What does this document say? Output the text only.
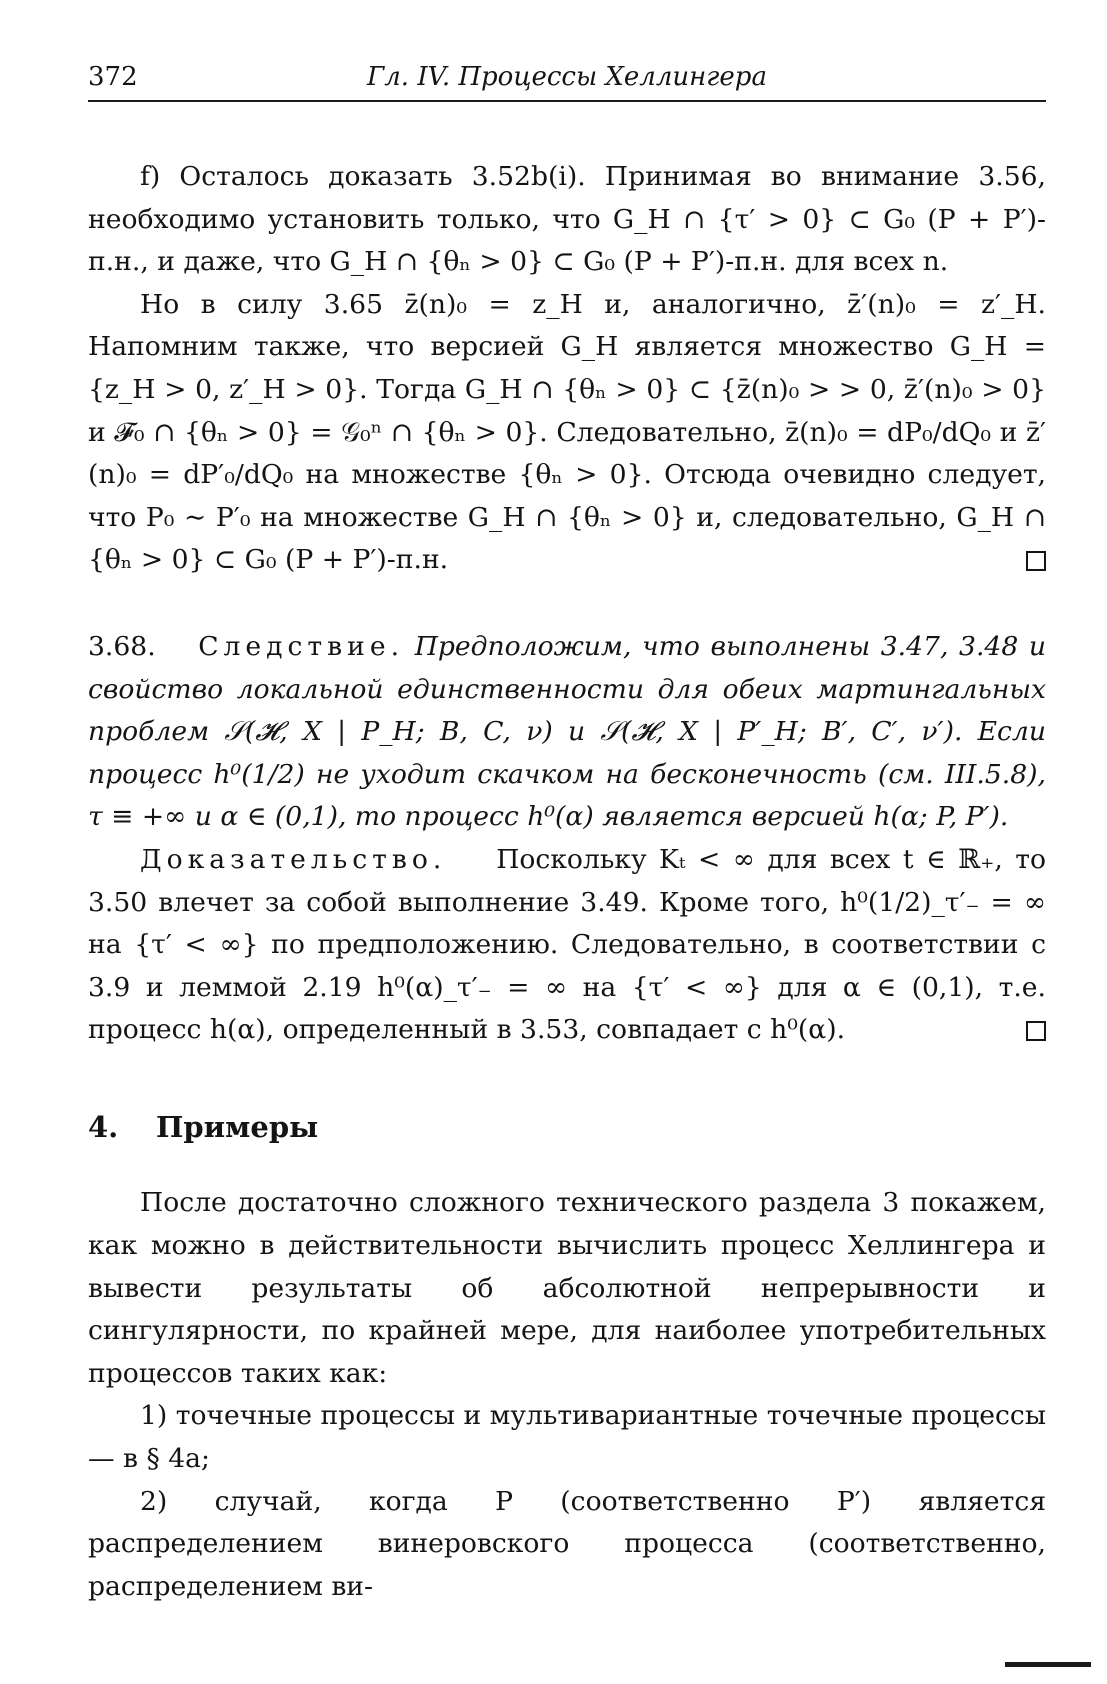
372	Гл. IV. Процессы Хеллингера

f) Осталось доказать 3.52b(i). Принимая во внимание 3.56, необходимо установить только, что G_H ∩ {τ′ > 0} ⊂ G₀ (P + P′)-п.н., и даже, что G_H ∩ {θₙ > 0} ⊂ G₀ (P + P′)-п.н. для всех n.

Но в силу 3.65 z̄(n)₀ = z_H и, аналогично, z̄′(n)₀ = z′_H. Напомним также, что версией G_H является множество G_H = {z_H > 0, z′_H > 0}. Тогда G_H ∩ {θₙ > 0} ⊂ {z̄(n)₀ > > 0, z̄′(n)₀ > 0} и 𝓕₀ ∩ {θₙ > 0} = 𝒢₀ⁿ ∩ {θₙ > 0}. Следовательно, z̄(n)₀ = dP₀/dQ₀ и z̄′(n)₀ = dP′₀/dQ₀ на множестве {θₙ > 0}. Отсюда очевидно следует, что P₀ ∼ P′₀ на множестве G_H ∩ {θₙ > 0} и, следовательно, G_H ∩ {θₙ > 0} ⊂ G₀ (P + P′)-п.н.

3.68. Следствие. Предположим, что выполнены 3.47, 3.48 и свойство локальной единственности для обеих мартингальных проблем 𝒮(𝓗, X | P_H; B, C, ν) и 𝒮(𝓗, X | P′_H; B′, C′, ν′). Если процесс h⁰(1/2) не уходит скачком на бесконечность (см. III.5.8), τ ≡ +∞ и α ∈ (0,1), то процесс h⁰(α) является версией h(α; P, P′).

Доказательство. Поскольку Kₜ < ∞ для всех t ∈ ℝ₊, то 3.50 влечет за собой выполнение 3.49. Кроме того, h⁰(1/2)_τ′₋ = ∞ на {τ′ < ∞} по предположению. Следовательно, в соответствии с 3.9 и леммой 2.19 h⁰(α)_τ′₋ = ∞ на {τ′ < ∞} для α ∈ (0,1), т.е. процесс h(α), определенный в 3.53, совпадает с h⁰(α).

4. Примеры

После достаточно сложного технического раздела 3 покажем, как можно в действительности вычислить процесс Хеллингера и вывести результаты об абсолютной непрерывности и сингулярности, по крайней мере, для наиболее употребительных процессов таких как:

1) точечные процессы и мультивариантные точечные процессы — в § 4a;

2) случай, когда P (соответственно P′) является распределением винеровского процесса (соответственно, распределением ви-
